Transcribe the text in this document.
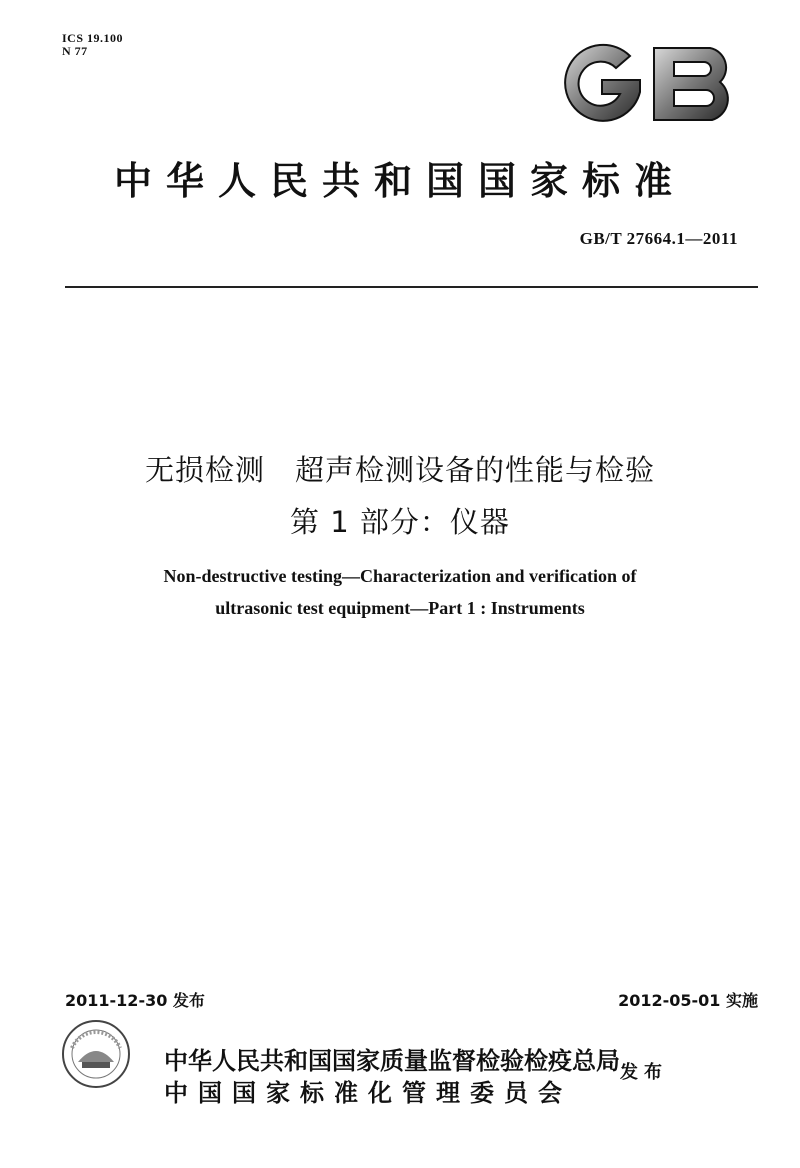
ICS 19.100
N 77
中华人民共和国国家标准
GB/T 27664.1—2011
无损检测　超声检测设备的性能与检验
第 1 部分：仪器
Non-destructive testing—Characterization and verification of
ultrasonic test equipment—Part 1 : Instruments
2011-12-30 发布	2012-05-01 实施
中华人民共和国国家质量监督检验检疫总局
中国国家标准化管理委员会
发布
